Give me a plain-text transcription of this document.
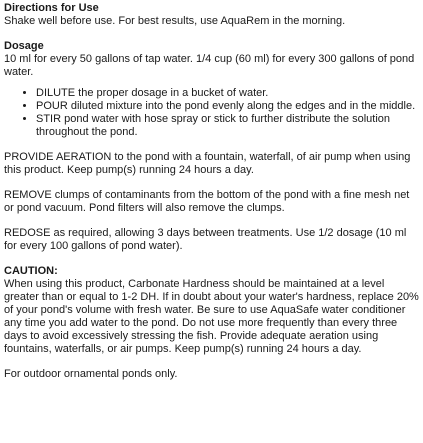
Directions for Use

Shake well before use. For best results, use AquaRem in the morning.

Dosage

10 ml for every 50 gallons of tap water. 1/4 cup (60 ml) for every 300 gallons of pond water.

• DILUTE the proper dosage in a bucket of water.
• POUR diluted mixture into the pond evenly along the edges and in the middle.
• STIR pond water with hose spray or stick to further distribute the solution throughout the pond.

PROVIDE AERATION to the pond with a fountain, waterfall, of air pump when using this product. Keep pump(s) running 24 hours a day.

REMOVE clumps of contaminants from the bottom of the pond with a fine mesh net or pond vacuum. Pond filters will also remove the clumps.

REDOSE as required, allowing 3 days between treatments. Use 1/2 dosage (10 ml for every 100 gallons of pond water).

CAUTION:

When using this product, Carbonate Hardness should be maintained at a level greater than or equal to 1-2 DH. If in doubt about your water's hardness, replace 20% of your pond's volume with fresh water. Be sure to use AquaSafe water conditioner any time you add water to the pond. Do not use more frequently than every three days to avoid excessively stressing the fish. Provide adequate aeration using fountains, waterfalls, or air pumps. Keep pump(s) running 24 hours a day.

For outdoor ornamental ponds only.
